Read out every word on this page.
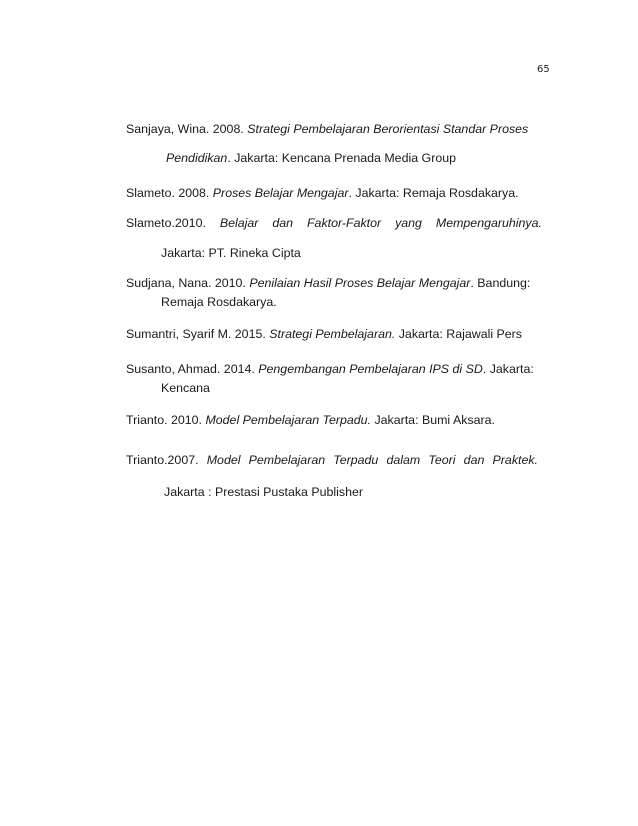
65
Sanjaya, Wina. 2008. Strategi Pembelajaran Berorientasi Standar Proses
Pendidikan. Jakarta: Kencana Prenada Media Group
Slameto. 2008. Proses Belajar Mengajar. Jakarta: Remaja Rosdakarya.
Slameto.2010. Belajar dan Faktor-Faktor yang Mempengaruhinya.
Jakarta: PT. Rineka Cipta
Sudjana, Nana. 2010. Penilaian Hasil Proses Belajar Mengajar. Bandung:
Remaja Rosdakarya.
Sumantri, Syarif M. 2015. Strategi Pembelajaran. Jakarta: Rajawali Pers
Susanto, Ahmad. 2014. Pengembangan Pembelajaran IPS di SD. Jakarta:
Kencana
Trianto. 2010. Model Pembelajaran Terpadu. Jakarta: Bumi Aksara.
Trianto.2007. Model Pembelajaran Terpadu dalam Teori dan Praktek.
Jakarta : Prestasi Pustaka Publisher
